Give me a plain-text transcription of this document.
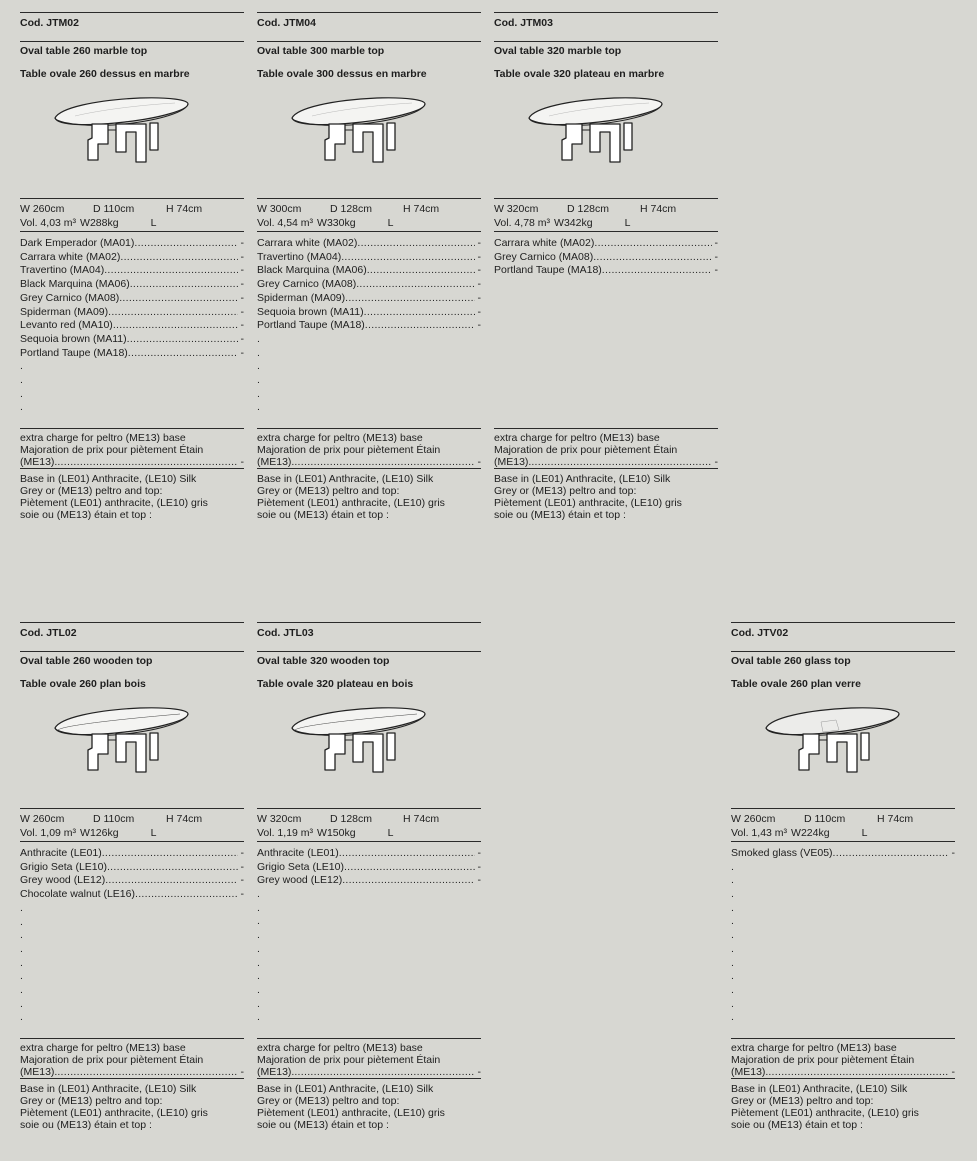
Cod. JTM02
Oval table 260 marble top
Table ovale 260 dessus en marbre
W 260cm	D 110cm	H 74cm
Vol. 4,03 m³ W288kg	L
Dark Emperador (MA01) .....	-
Carrara white (MA02) .....	-
Travertino (MA04) .....	-
Black Marquina (MA06) .....	-
Grey Carnico (MA08) .....	-
Spiderman (MA09) .....	-
Levanto red (MA10) .....	-
Sequoia brown (MA11) .....	-
Portland Taupe (MA18) .....	-
.
.
.
.
extra charge for peltro (ME13) base
Majoration de prix pour piètement Étain
(ME13). .....	-
Base in (LE01) Anthracite, (LE10) Silk
Grey or (ME13) peltro and top:
Piètement (LE01) anthracite, (LE10) gris
soie ou (ME13) étain et top :
Cod. JTM04
Oval table 300 marble top
Table ovale 300 dessus en marbre
W 300cm	D 128cm	H 74cm
Vol. 4,54 m³ W330kg	L
Carrara white (MA02) .....	-
Travertino (MA04) .....	-
Black Marquina (MA06) .....	-
Grey Carnico (MA08) .....	-
Spiderman (MA09) .....	-
Sequoia brown (MA11) .....	-
Portland Taupe (MA18) .....	-
.
.
.
.
.
.
extra charge for peltro (ME13) base
Majoration de prix pour piètement Étain
(ME13). .....	-
Base in (LE01) Anthracite, (LE10) Silk
Grey or (ME13) peltro and top:
Piètement (LE01) anthracite, (LE10) gris
soie ou (ME13) étain et top :
Cod. JTM03
Oval table 320 marble top
Table ovale 320 plateau en marbre
W 320cm	D 128cm	H 74cm
Vol. 4,78 m³ W342kg	L
Carrara white (MA02) .....	-
Grey Carnico (MA08) .....	-
Portland Taupe (MA18) .....	-
extra charge for peltro (ME13) base
Majoration de prix pour piètement Étain
(ME13). .....	-
Base in (LE01) Anthracite, (LE10) Silk
Grey or (ME13) peltro and top:
Piètement (LE01) anthracite, (LE10) gris
soie ou (ME13) étain et top :
Cod. JTL02
Oval table 260 wooden top
Table ovale 260 plan bois
W 260cm	D 110cm	H 74cm
Vol. 1,09 m³ W126kg	L
Anthracite (LE01) .....	-
Grigio Seta (LE10) .....	-
Grey wood (LE12) .....	-
Chocolate walnut (LE16) .....	-
.
.
.
.
.
.
.
.
.
extra charge for peltro (ME13) base
Majoration de prix pour piètement Étain
(ME13). .....	-
Base in (LE01) Anthracite, (LE10) Silk
Grey or (ME13) peltro and top:
Piètement (LE01) anthracite, (LE10) gris
soie ou (ME13) étain et top :
Cod. JTL03
Oval table 320 wooden top
Table ovale 320 plateau en bois
W 320cm	D 128cm	H 74cm
Vol. 1,19 m³ W150kg	L
Anthracite (LE01) .....	-
Grigio Seta (LE10) .....	-
Grey wood (LE12) .....	-
.
.
.
.
.
.
.
.
.
.
extra charge for peltro (ME13) base
Majoration de prix pour piètement Étain
(ME13). .....	-
Base in (LE01) Anthracite, (LE10) Silk
Grey or (ME13) peltro and top:
Piètement (LE01) anthracite, (LE10) gris
soie ou (ME13) étain et top :
Cod. JTV02
Oval table 260 glass top
Table ovale 260 plan verre
W 260cm	D 110cm	H 74cm
Vol. 1,43 m³ W224kg	L
Smoked glass (VE05) .....	-
.
.
.
.
.
.
.
.
.
.
.
.
extra charge for peltro (ME13) base
Majoration de prix pour piètement Étain
(ME13). .....	-
Base in (LE01) Anthracite, (LE10) Silk
Grey or (ME13) peltro and top:
Piètement (LE01) anthracite, (LE10) gris
soie ou (ME13) étain et top :
